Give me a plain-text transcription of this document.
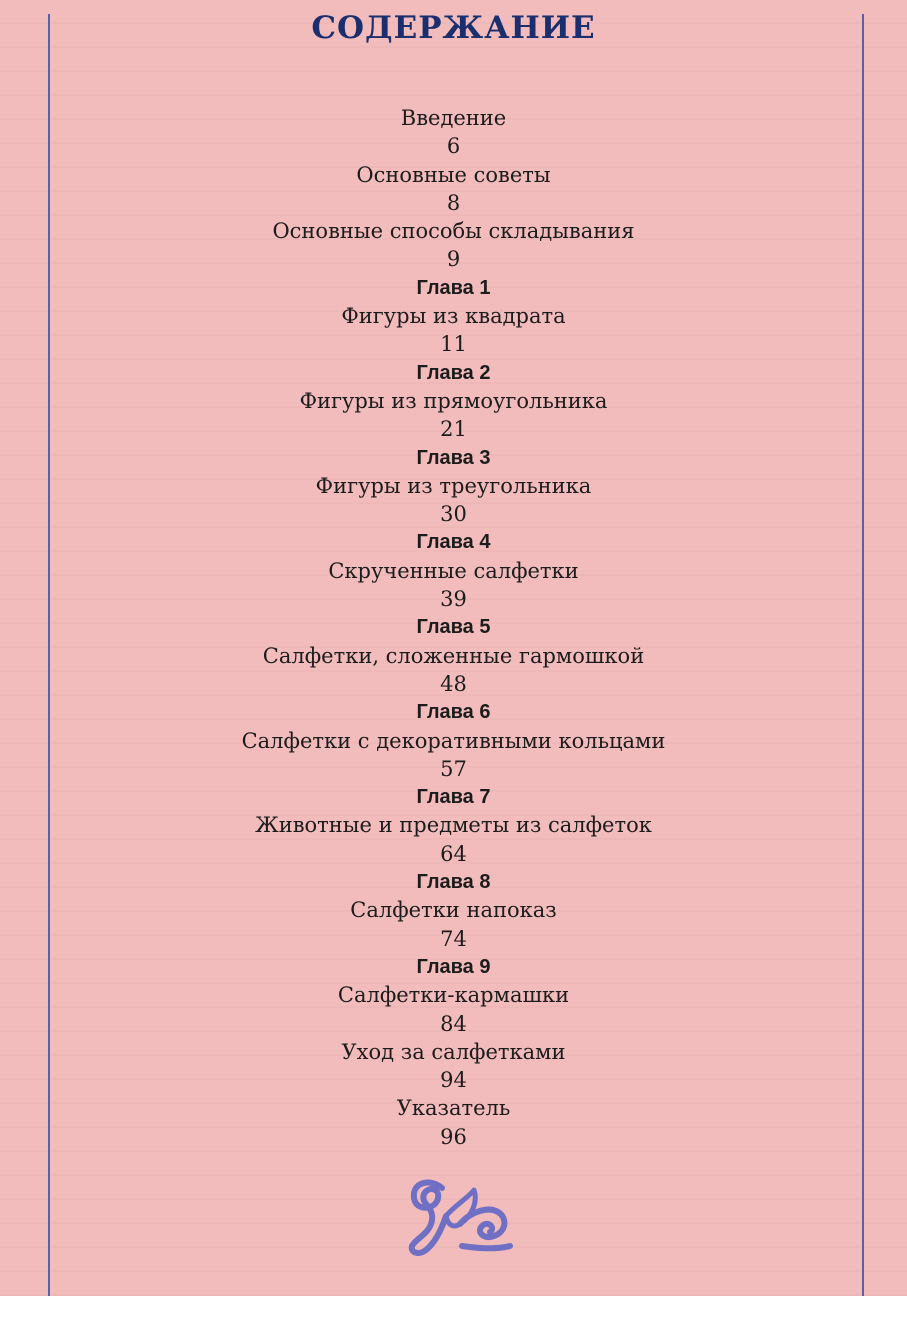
СОДЕРЖАНИЕ
Введение
6
Основные советы
8
Основные способы складывания
9
Глава 1
Фигуры из квадрата
11
Глава 2
Фигуры из прямоугольника
21
Глава 3
Фигуры из треугольника
30
Глава 4
Скрученные салфетки
39
Глава 5
Салфетки, сложенные гармошкой
48
Глава 6
Салфетки с декоративными кольцами
57
Глава 7
Животные и предметы из салфеток
64
Глава 8
Салфетки напоказ
74
Глава 9
Салфетки-кармашки
84
Уход за салфетками
94
Указатель
96
